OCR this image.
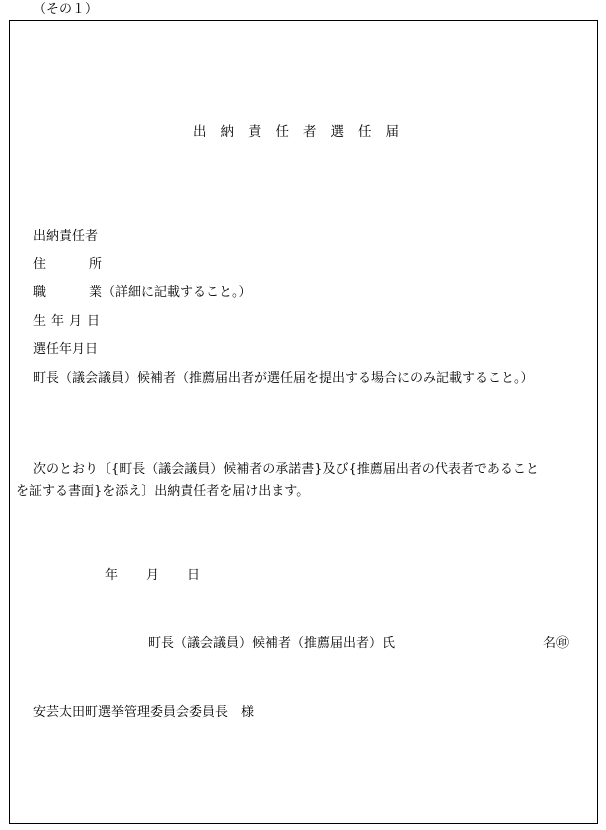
（その１）
出納責任者選任届
出納責任者
住	所
職	業（詳細に記載すること。）
生 年 月 日
選任年月日
町長（議会議員）候補者（推薦届出者が選任届を提出する場合にのみ記載すること。）
次のとおり〔{町長（議会議員）候補者の承諾書}及び{推薦届出者の代表者であること
を証する書面}を添え〕出納責任者を届け出ます。
年 月 日
町長（議会議員）候補者（推薦届出者）氏	名㊞
安芸太田町選挙管理委員会委員長　様
